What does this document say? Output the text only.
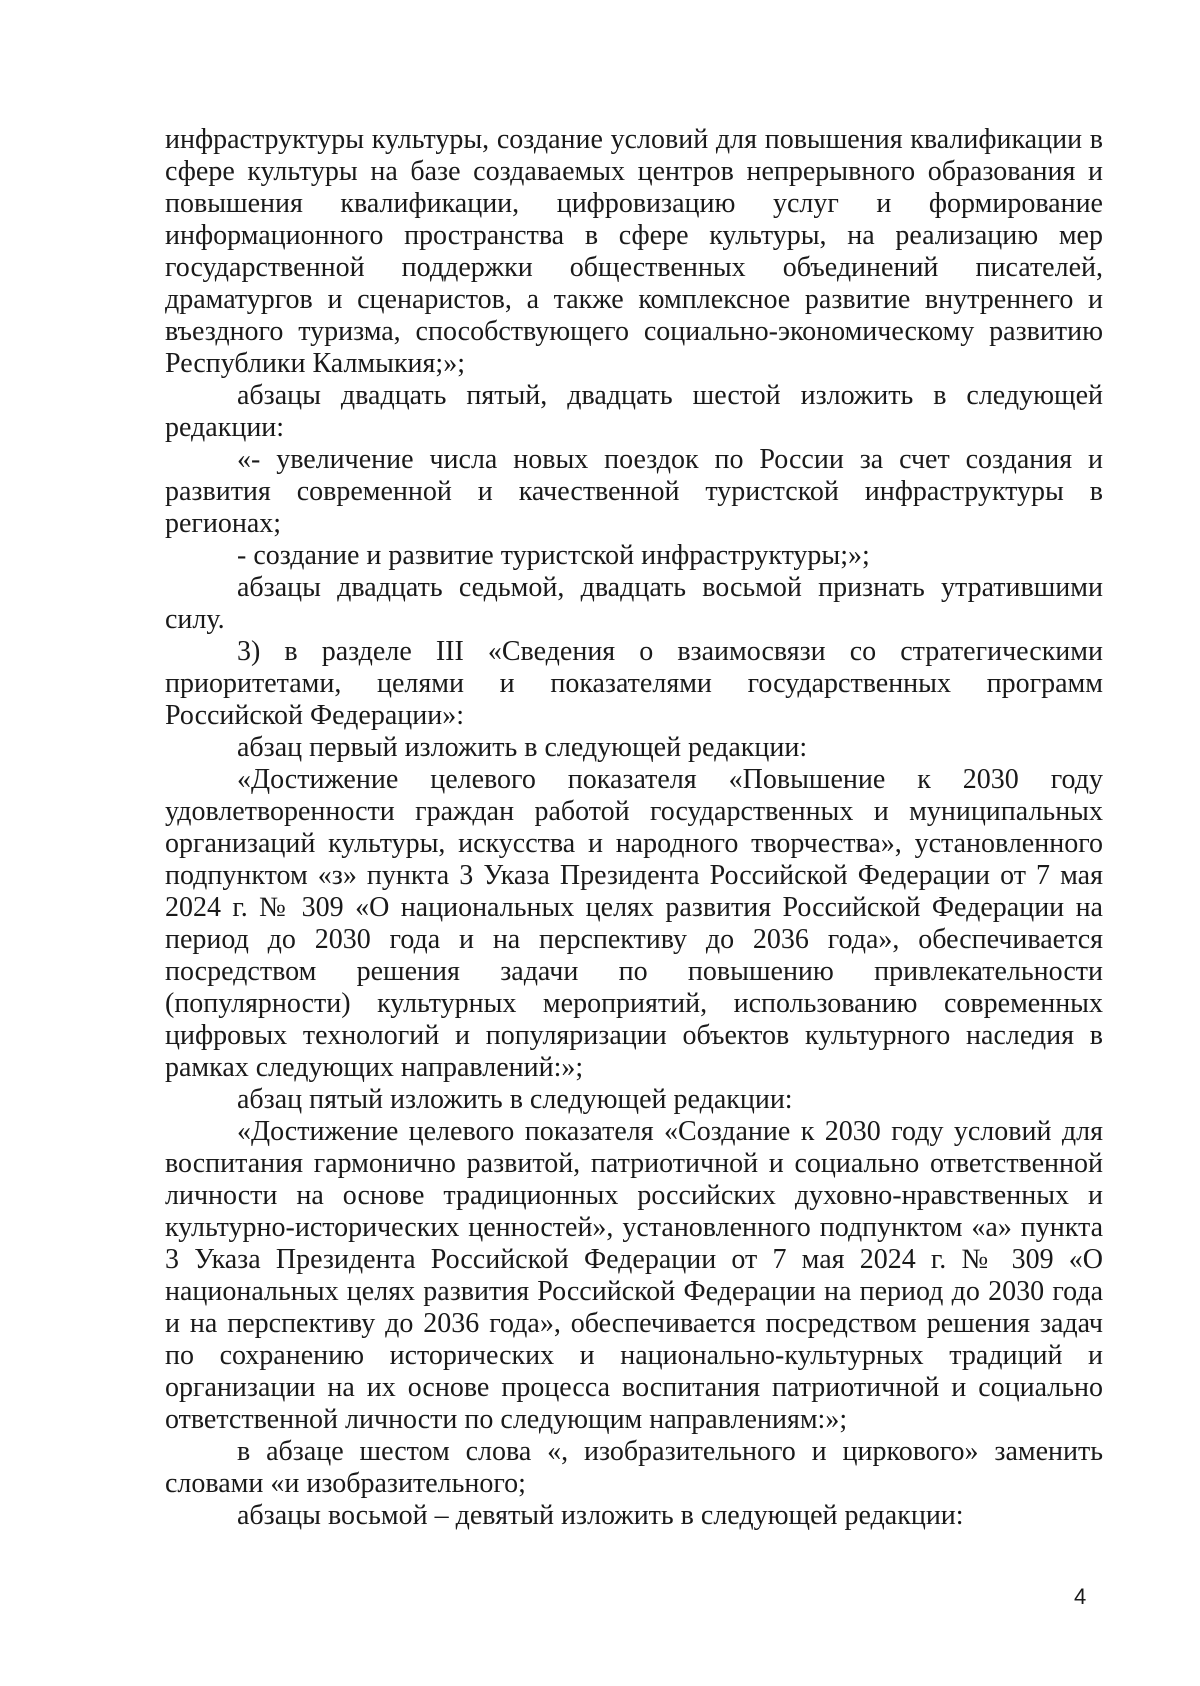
инфраструктуры культуры, создание условий для повышения квалификации в сфере культуры на базе создаваемых центров непрерывного образования и повышения квалификации, цифровизацию услуг и формирование информационного пространства в сфере культуры, на реализацию мер государственной поддержки общественных объединений писателей, драматургов и сценаристов, а также комплексное развитие внутреннего и въездного туризма, способствующего социально-экономическому развитию Республики Калмыкия;»;

абзацы двадцать пятый, двадцать шестой изложить в следующей редакции:

«- увеличение числа новых поездок по России за счет создания и развития современной и качественной туристской инфраструктуры в регионах;

- создание и развитие туристской инфраструктуры;»;

абзацы двадцать седьмой, двадцать восьмой признать утратившими силу.

3) в разделе III «Сведения о взаимосвязи со стратегическими приоритетами, целями и показателями государственных программ Российской Федерации»:

абзац первый изложить в следующей редакции:

«Достижение целевого показателя «Повышение к 2030 году удовлетворенности граждан работой государственных и муниципальных организаций культуры, искусства и народного творчества», установленного подпунктом «з» пункта 3 Указа Президента Российской Федерации от 7 мая 2024 г. № 309 «О национальных целях развития Российской Федерации на период до 2030 года и на перспективу до 2036 года», обеспечивается посредством решения задачи по повышению привлекательности (популярности) культурных мероприятий, использованию современных цифровых технологий и популяризации объектов культурного наследия в рамках следующих направлений:»;

абзац пятый изложить в следующей редакции:

«Достижение целевого показателя «Создание к 2030 году условий для воспитания гармонично развитой, патриотичной и социально ответственной личности на основе традиционных российских духовно-нравственных и культурно-исторических ценностей», установленного подпунктом «а» пункта 3 Указа Президента Российской Федерации от 7 мая 2024 г. № 309 «О национальных целях развития Российской Федерации на период до 2030 года и на перспективу до 2036 года», обеспечивается посредством решения задач по сохранению исторических и национально-культурных традиций и организации на их основе процесса воспитания патриотичной и социально ответственной личности по следующим направлениям:»;

в абзаце шестом слова «, изобразительного и циркового» заменить словами «и изобразительного;

абзацы восьмой – девятый изложить в следующей редакции:

4
